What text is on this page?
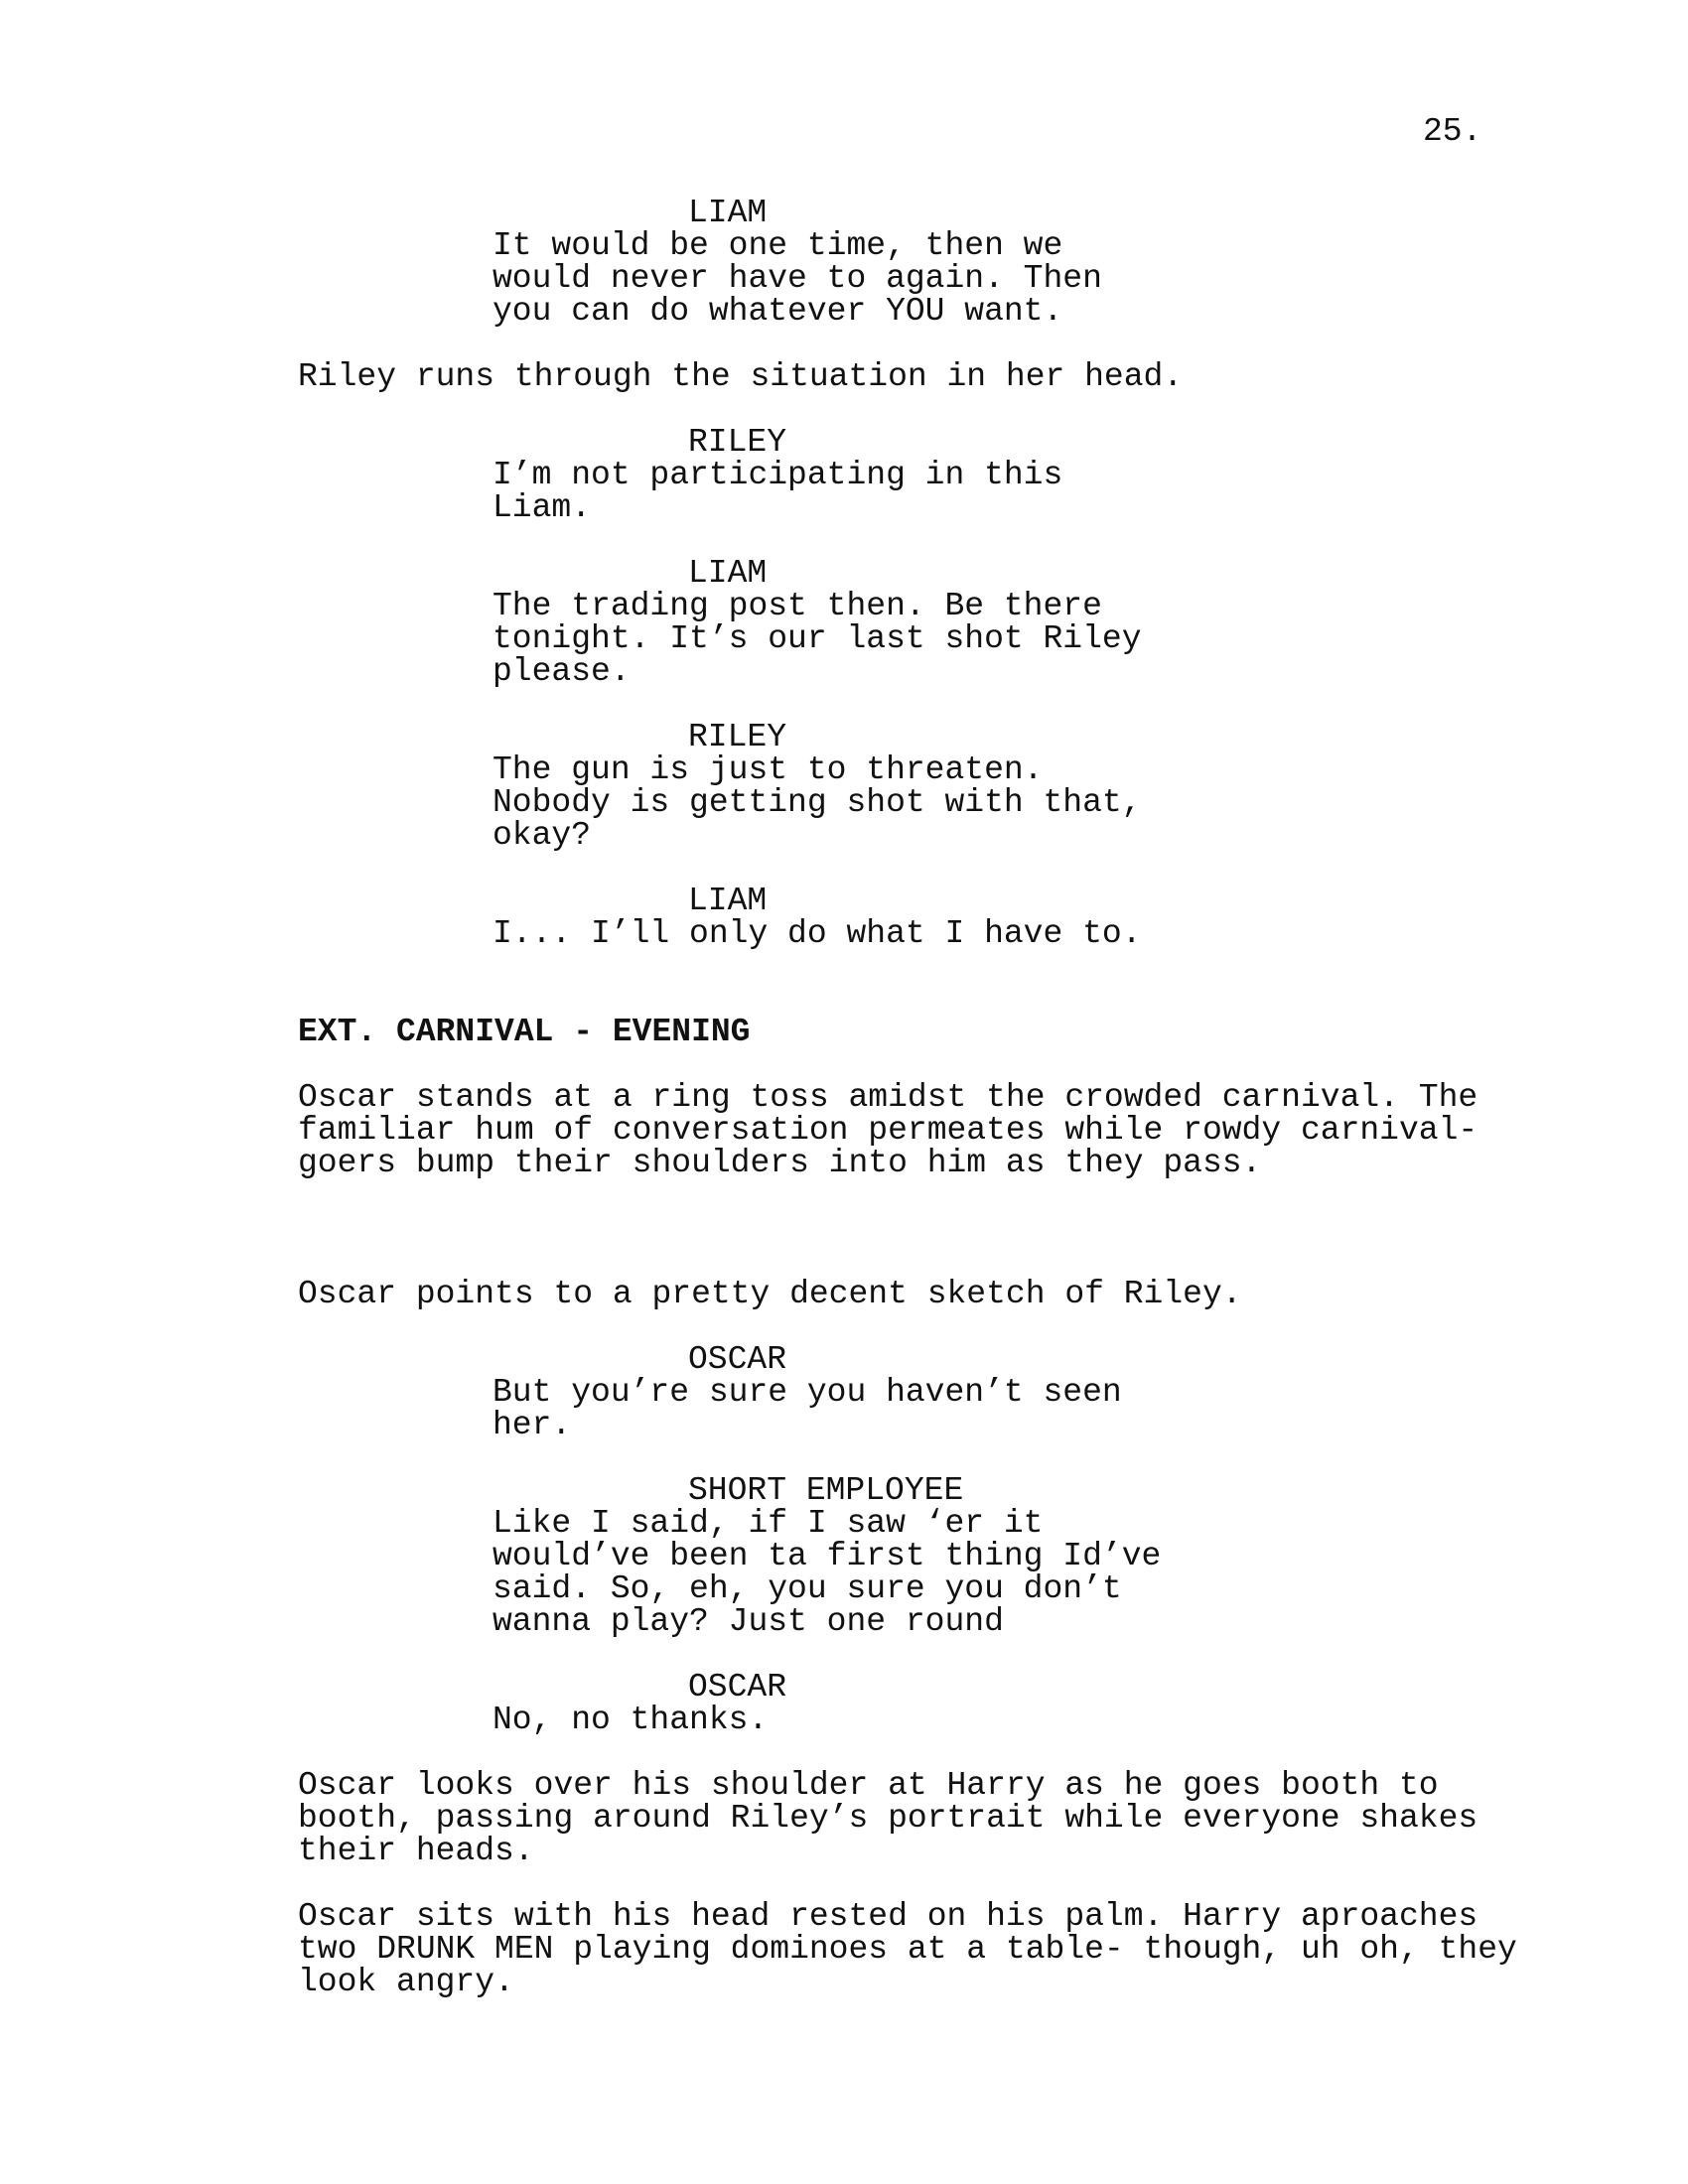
25.
LIAM
It would be one time, then we
would never have to again. Then
you can do whatever YOU want.
Riley runs through the situation in her head.
RILEY
I’m not participating in this
Liam.
LIAM
The trading post then. Be there
tonight. It’s our last shot Riley
please.
RILEY
The gun is just to threaten.
Nobody is getting shot with that,
okay?
LIAM
I... I’ll only do what I have to.
EXT. CARNIVAL - EVENING
Oscar stands at a ring toss amidst the crowded carnival. The
familiar hum of conversation permeates while rowdy carnival-
goers bump their shoulders into him as they pass.
Oscar points to a pretty decent sketch of Riley.
OSCAR
But you’re sure you haven’t seen
her.
SHORT EMPLOYEE
Like I said, if I saw ‘er it
would’ve been ta first thing Id’ve
said. So, eh, you sure you don’t
wanna play? Just one round
OSCAR
No, no thanks.
Oscar looks over his shoulder at Harry as he goes booth to
booth, passing around Riley’s portrait while everyone shakes
their heads.
Oscar sits with his head rested on his palm. Harry aproaches
two DRUNK MEN playing dominoes at a table- though, uh oh, they
look angry.
